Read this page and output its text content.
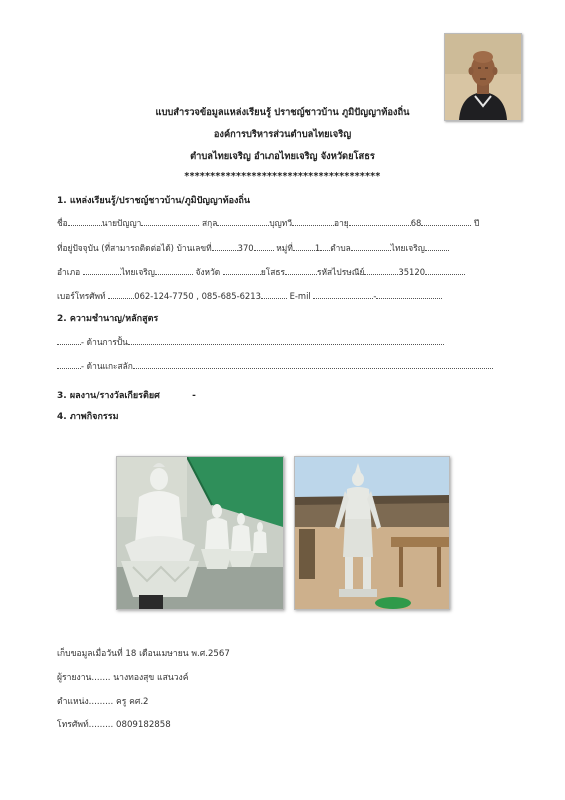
แบบสำรวจข้อมูลแหล่งเรียนรู้ ปราชญ์ชาวบ้าน ภูมิปัญญาท้องถิ่น
องค์การบริหารส่วนตำบลไทยเจริญ
ตำบลไทยเจริญ อำเภอไทยเจริญ จังหวัดยโสธร
**************************************
1. แหล่งเรียนรู้/ปราชญ์ชาวบ้าน/ภูมิปัญญาท้องถิ่น
ชื่อ	นายปัญญา	สกุล	บุญทวี	อายุ	68	ปี
ที่อยู่ปัจจุบัน (ที่สามารถติดต่อได้) บ้านเลขที่	370	หมู่ที่	1 ตำบล	ไทยเจริญ
อำเภอ	ไทยเจริญ	จังหวัด	ยโสธร	รหัสไปรษณีย์	35120
เบอร์โทรศัพท์	062-124-7750 , 085-685-6213	E-mil	-
2. ความชำนาญ/หลักสูตร
- ด้านการปั้น
- ด้านแกะสลัก
3. ผลงาน/รางวัลเกียรติยศ	-
4. ภาพกิจกรรม
เก็บขอมูลเมื่อวันที่ 18 เดือนเมษายน พ.ศ.2567
ผู้รายงาน....... นางทองสุข แสนวงค์
ตำแหน่ง......... ครู คศ.2
โทรศัพท์......... 0809182858
